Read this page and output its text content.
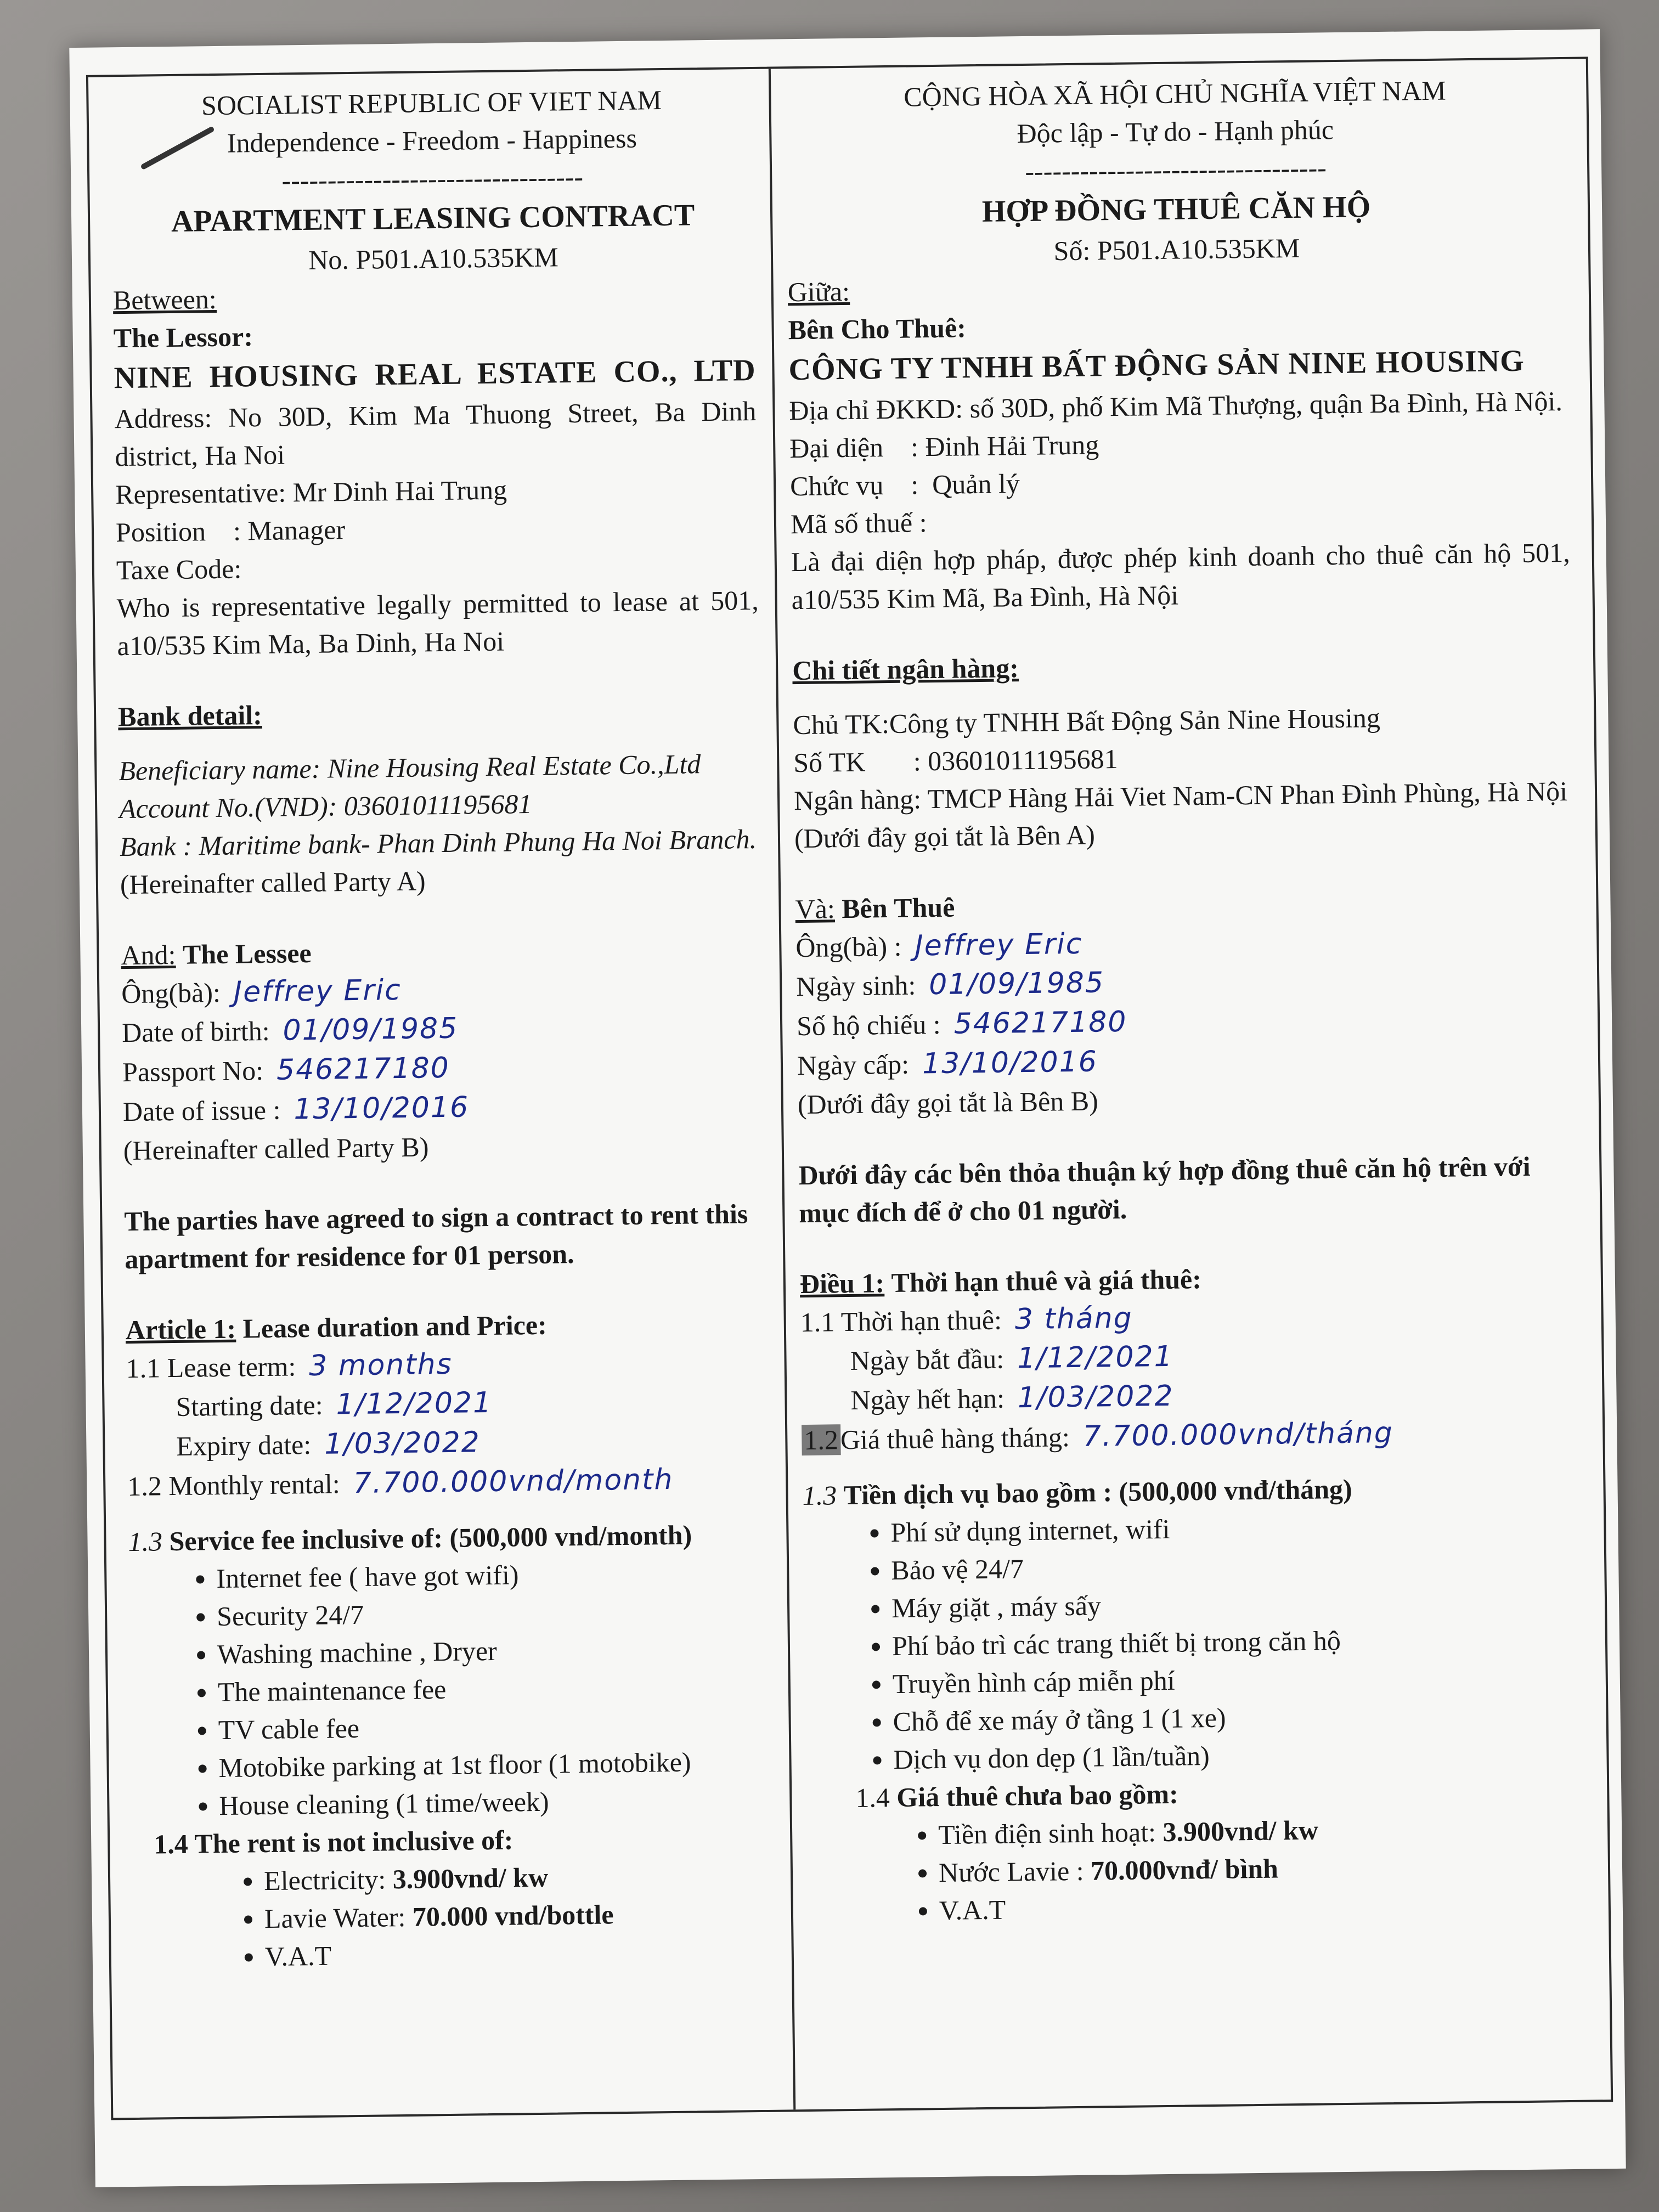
SOCIALIST REPUBLIC OF VIET NAM
Independence - Freedom - Happiness
---------------------------------
APARTMENT LEASING CONTRACT
No. P501.A10.535KM
Between:
The Lessor:
NINE HOUSING REAL ESTATE CO., LTD
Address: No 30D, Kim Ma Thuong Street, Ba Dinh district, Ha Noi
Representative: Mr Dinh Hai Trung
Position    : Manager
Taxe Code:
Who is representative legally permitted to lease at 501, a10/535 Kim Ma, Ba Dinh, Ha Noi
Bank detail:
Beneficiary name: Nine Housing Real Estate Co.,Ltd
Account No.(VND): 03601011195681
Bank : Maritime bank- Phan Dinh Phung Ha Noi Branch.
(Hereinafter called Party A)
And: The Lessee
Ông(bà): Jeffrey Eric
Date of birth: 01/09/1985
Passport No: 546217180
Date of issue : 13/10/2016
(Hereinafter called Party B)
The parties have agreed to sign a contract to rent this apartment for residence for 01 person.
Article 1: Lease duration and Price:
1.1 Lease term: 3 months
Starting date: 1/12/2021
Expiry date: 1/03/2022
1.2 Monthly rental: 7.700.000vnd/month
1.3 Service fee inclusive of: (500,000 vnd/month)
• Internet fee ( have got wifi)
• Security 24/7
• Washing machine , Dryer
• The maintenance fee
• TV cable fee
• Motobike parking at 1st floor (1 motobike)
• House cleaning (1 time/week)
1.4 The rent is not inclusive of:
• Electricity: 3.900vnd/ kw
• Lavie Water: 70.000 vnd/bottle
• V.A.T
CỘNG HÒA XÃ HỘI CHỦ NGHĨA VIỆT NAM
Độc lập - Tự do - Hạnh phúc
---------------------------------
HỢP ĐỒNG THUÊ CĂN HỘ
Số: P501.A10.535KM
Giữa:
Bên Cho Thuê:
CÔNG TY TNHH BẤT ĐỘNG SẢN NINE HOUSING
Địa chỉ ĐKKD: số 30D, phố Kim Mã Thượng, quận Ba Đình, Hà Nội.
Đại diện    : Đinh Hải Trung
Chức vụ    :  Quản lý
Mã số thuế :
Là đại diện hợp pháp, được phép kinh doanh cho thuê căn hộ 501, a10/535 Kim Mã, Ba Đình, Hà Nội
Chi tiết ngân hàng:
Chủ TK:Công ty TNHH Bất Động Sản Nine Housing
Số TK       : 03601011195681
Ngân hàng: TMCP Hàng Hải Viet Nam-CN Phan Đình Phùng, Hà Nội
(Dưới đây gọi tắt là Bên A)
Và: Bên Thuê
Ông(bà) : Jeffrey Eric
Ngày sinh: 01/09/1985
Số hộ chiếu : 546217180
Ngày cấp: 13/10/2016
(Dưới đây gọi tắt là Bên B)
Dưới đây các bên thỏa thuận ký hợp đồng thuê căn hộ trên với mục đích để ở cho 01 người.
Điều 1: Thời hạn thuê và giá thuê:
1.1 Thời hạn thuê: 3 tháng
Ngày bắt đầu: 1/12/2021
Ngày hết hạn: 1/03/2022
1.2Giá thuê hàng tháng: 7.700.000vnd/tháng
1.3 Tiền dịch vụ bao gồm : (500,000 vnđ/tháng)
• Phí sử dụng internet, wifi
• Bảo vệ 24/7
• Máy giặt , máy sấy
• Phí bảo trì các trang thiết bị trong căn hộ
• Truyền hình cáp miễn phí
• Chỗ để xe máy ở tầng 1 (1 xe)
• Dịch vụ don dẹp (1 lần/tuần)
1.4 Giá thuê chưa bao gồm:
• Tiền điện sinh hoạt: 3.900vnd/ kw
• Nước Lavie : 70.000vnđ/ bình
• V.A.T
